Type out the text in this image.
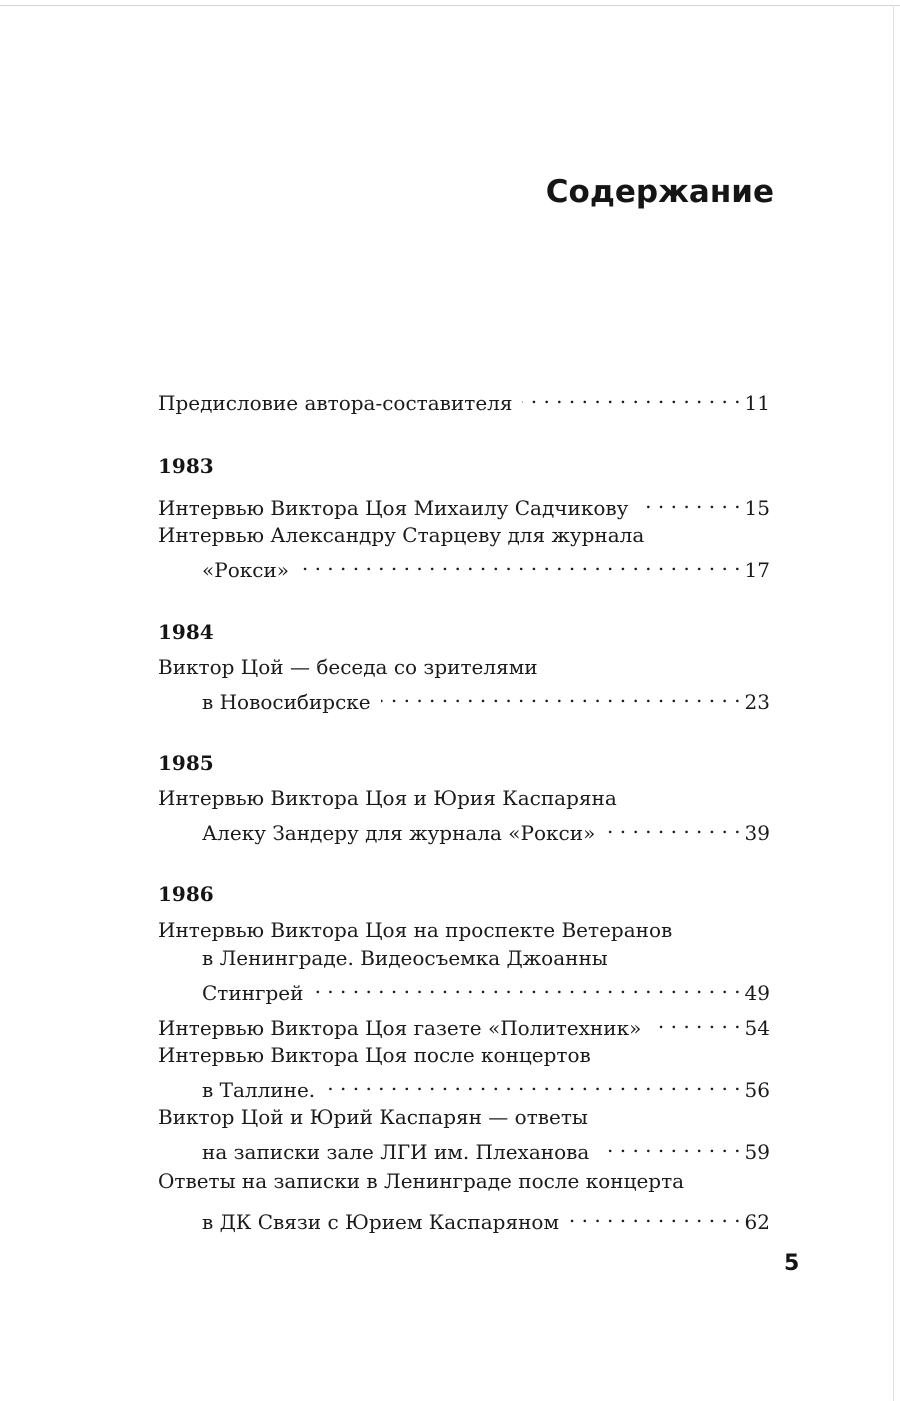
Содержание
Предисловие автора-составителя . . .	11
1983
Интервью Виктора Цоя Михаилу Садчикову . . .	15
Интервью Александру Старцеву для журнала
«Рокси» . . .	17
1984
Виктор Цой — беседа со зрителями
в Новосибирске . . .	23
1985
Интервью Виктора Цоя и Юрия Каспаряна
Алеку Зандеру для журнала «Рокси» . . .	39
1986
Интервью Виктора Цоя на проспекте Ветеранов
в Ленинграде. Видеосъемка Джоанны
Стингрей . . .	49
Интервью Виктора Цоя газете «Политехник» . . .	54
Интервью Виктора Цоя после концертов
в Таллине. . . .	56
Виктор Цой и Юрий Каспарян — ответы
на записки зале ЛГИ им. Плеханова . . .	59
Ответы на записки в Ленинграде после концерта
в ДК Связи с Юрием Каспаряном . . .	62
5
